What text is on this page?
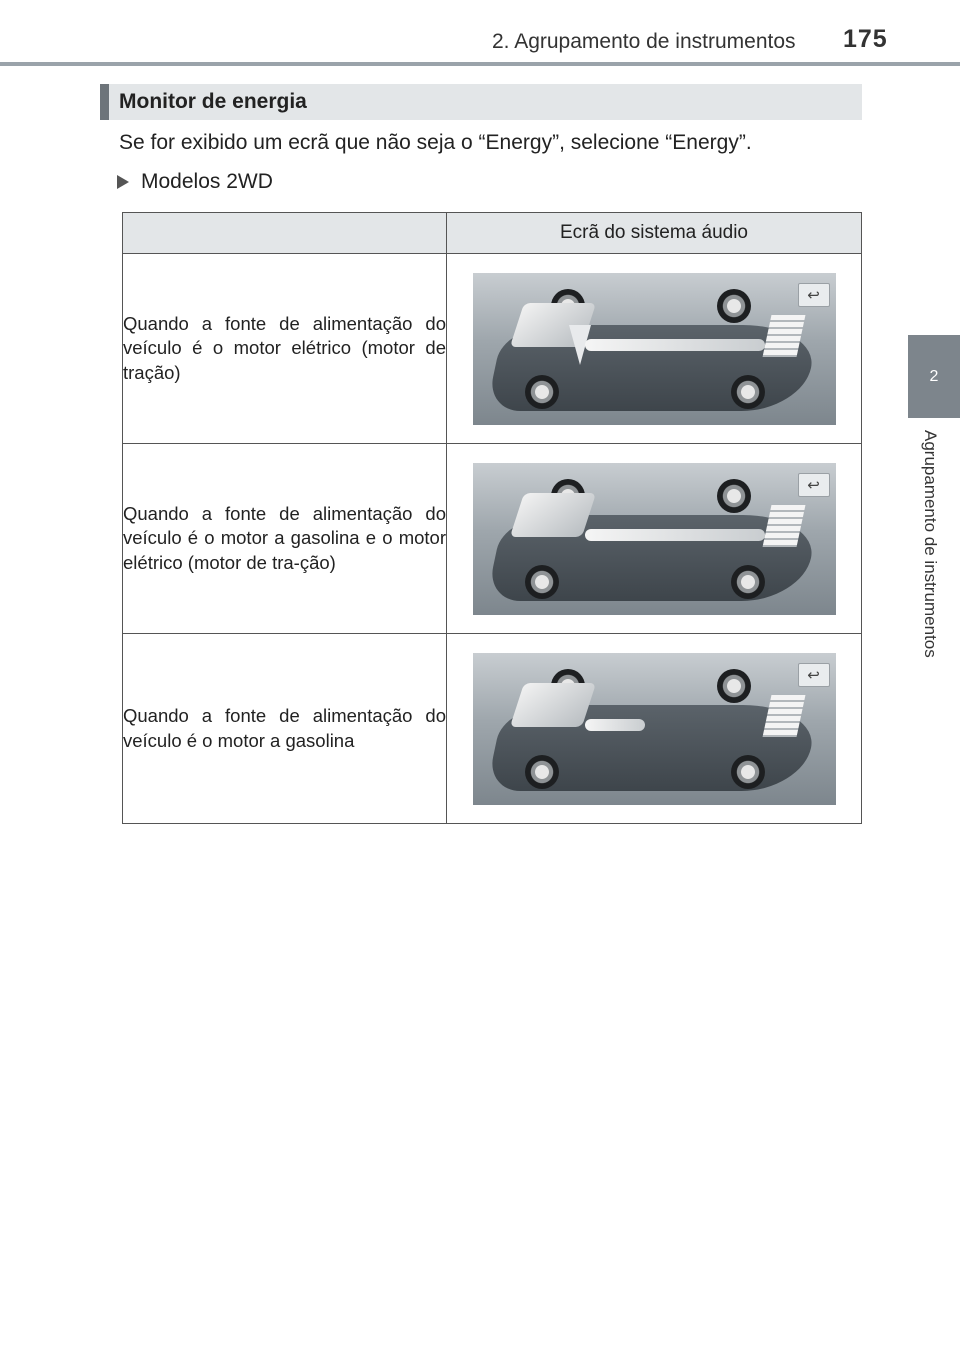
2. Agrupamento de instrumentos 175
2
Agrupamento de instrumentos
Monitor de energia
Se for exibido um ecrã que não seja o “Energy”, selecione “Energy”.
Modelos 2WD
	Ecrã do sistema áudio
Quando a fonte de alimentação do veículo é o motor elétrico (motor de tração)	↩

Quando a fonte de alimentação do veículo é o motor a gasolina e o motor elétrico (motor de tra-ção)	↩

Quando a fonte de alimentação do veículo é o motor a gasolina	↩
